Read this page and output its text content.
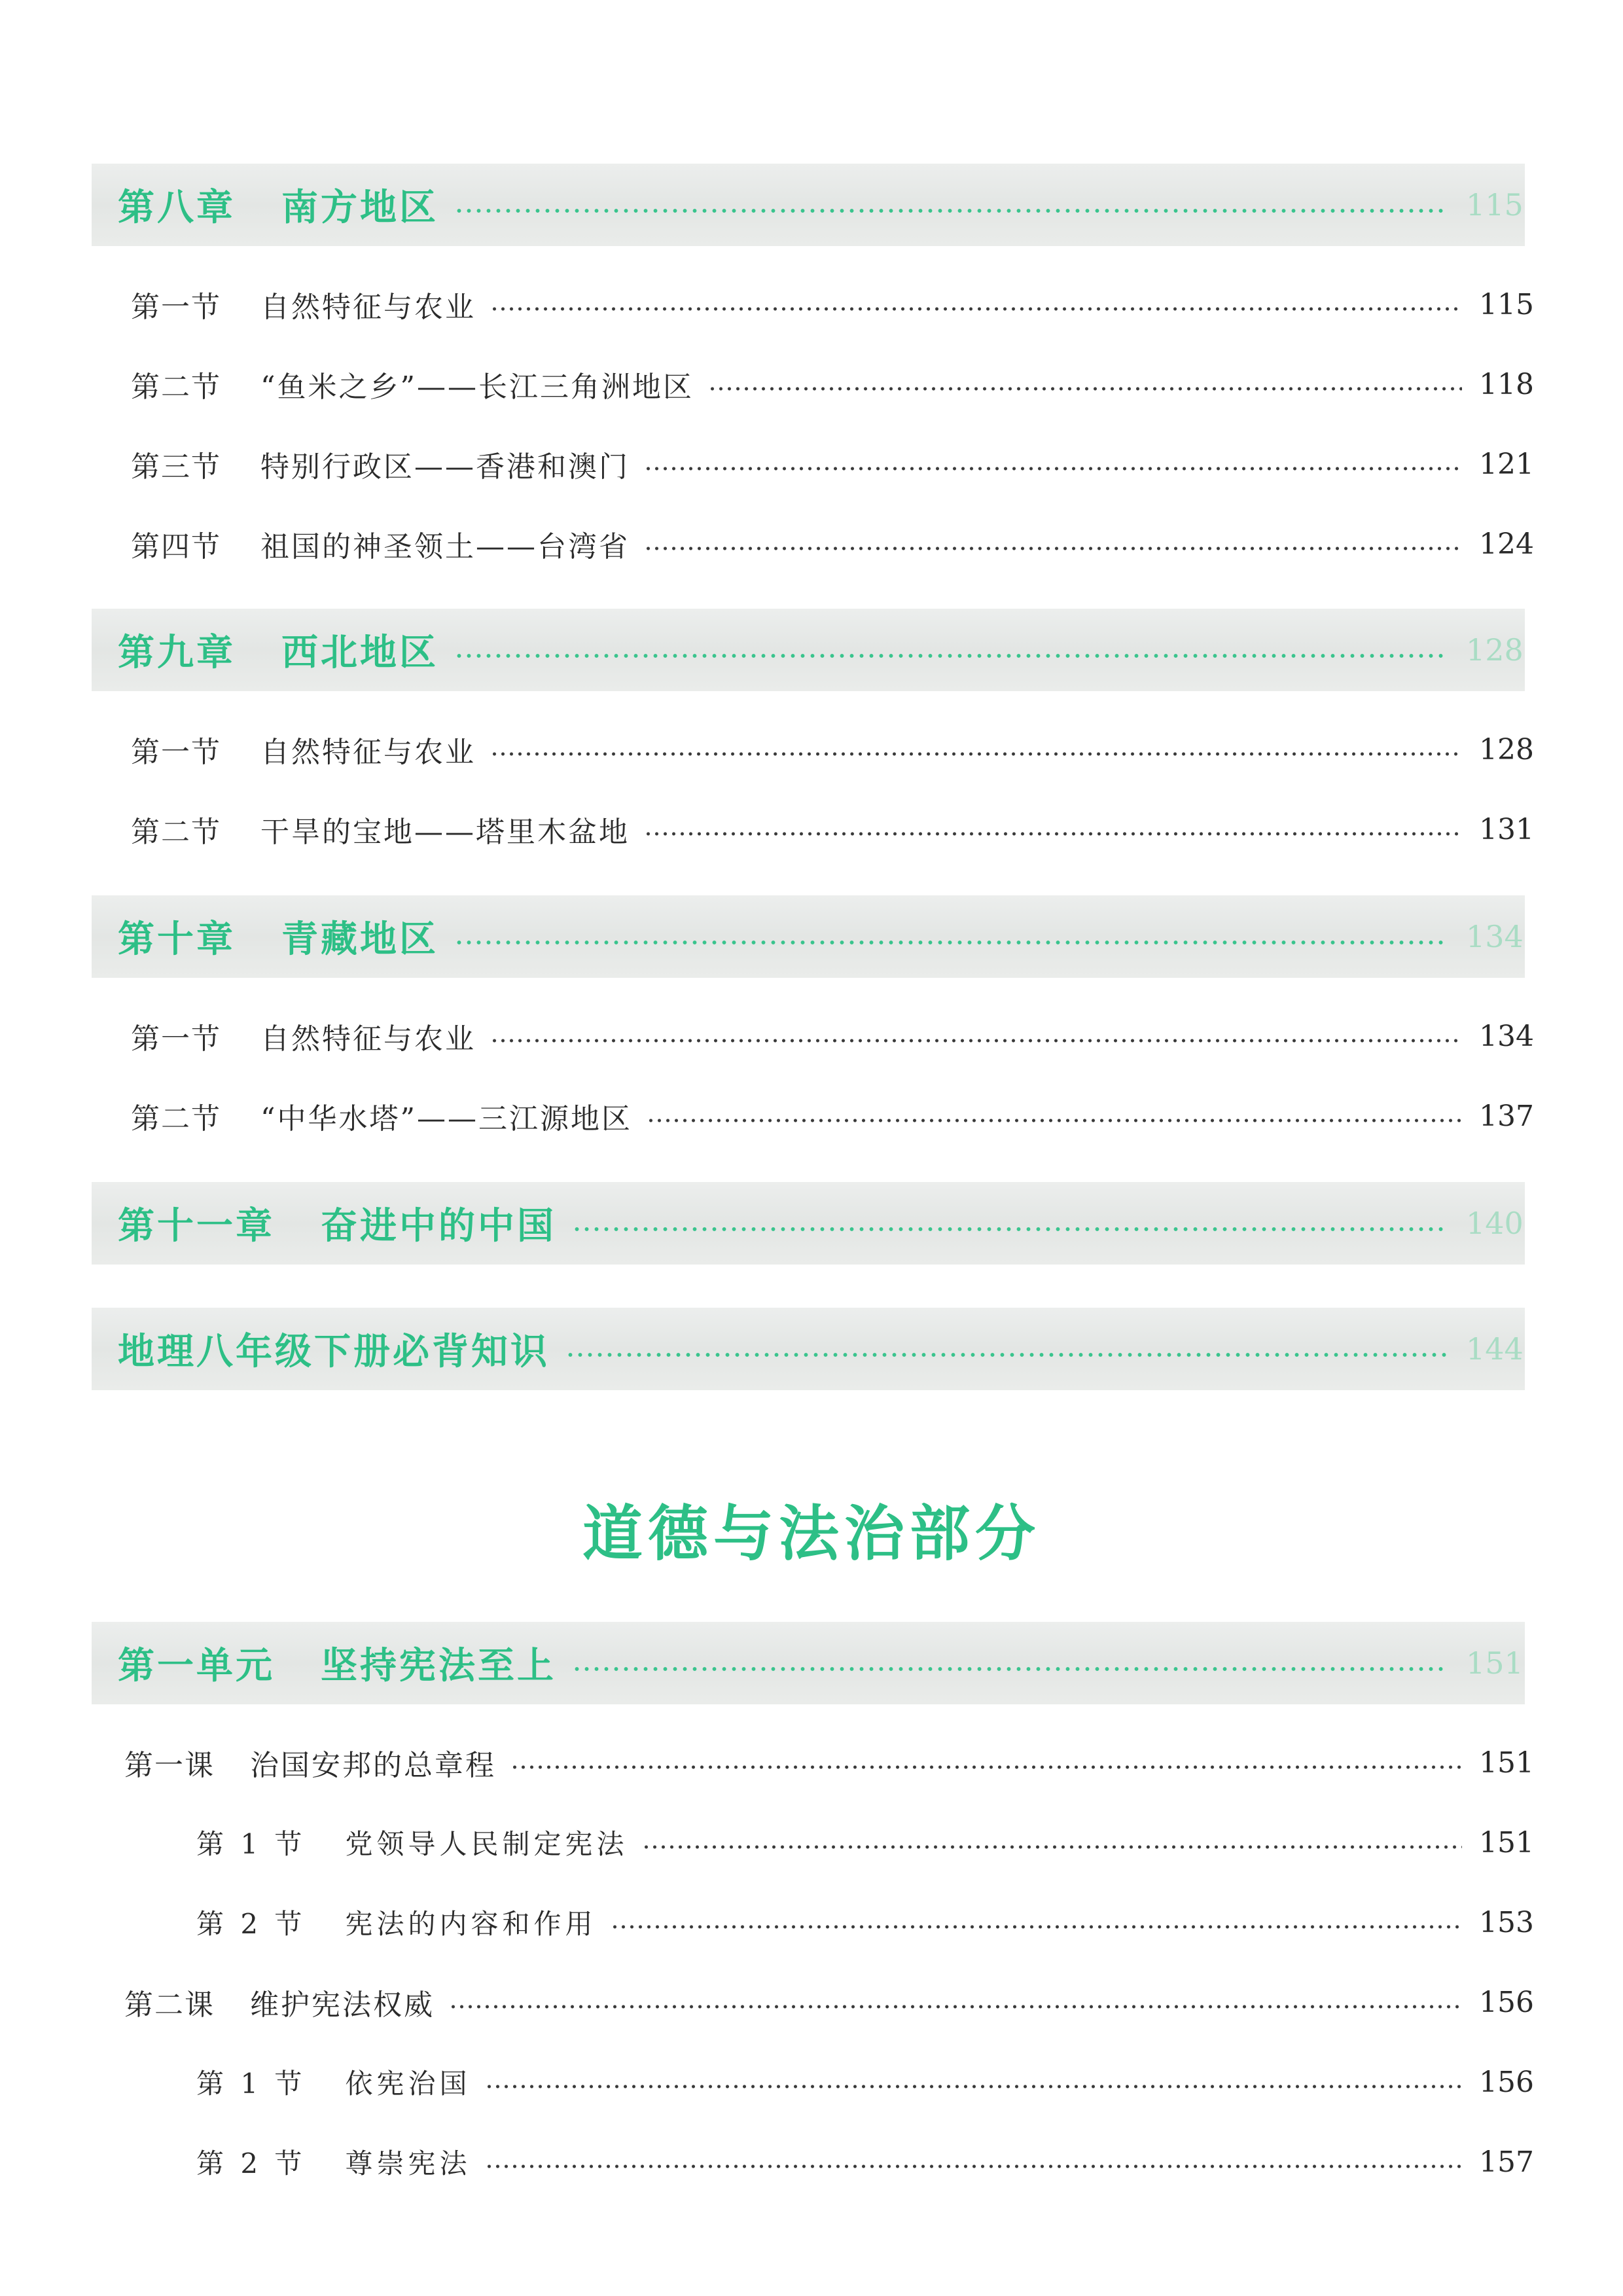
第八章 南方地区	115
第一节 自然特征与农业	115
第二节 “鱼米之乡”——长江三角洲地区	118
第三节 特别行政区——香港和澳门	121
第四节 祖国的神圣领土——台湾省	124
第九章 西北地区	128
第一节 自然特征与农业	128
第二节 干旱的宝地——塔里木盆地	131
第十章 青藏地区	134
第一节 自然特征与农业	134
第二节 “中华水塔”——三江源地区	137
第十一章 奋进中的中国	140
地理八年级下册必背知识	144
道德与法治部分
第一单元 坚持宪法至上	151
第一课 治国安邦的总章程	151
第 1 节 党领导人民制定宪法	151
第 2 节 宪法的内容和作用	153
第二课 维护宪法权威	156
第 1 节 依宪治国	156
第 2 节 尊崇宪法	157
